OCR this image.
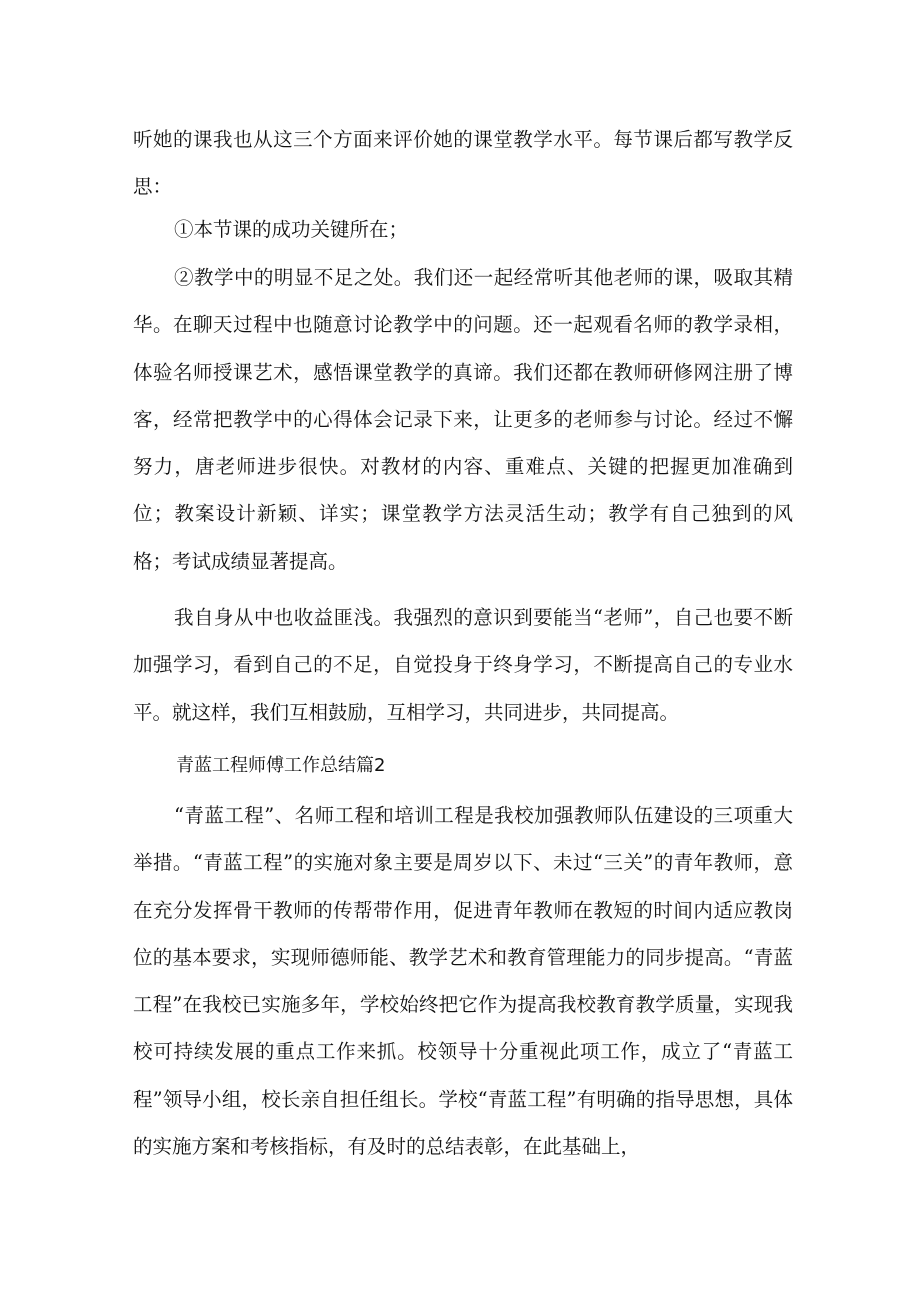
听她的课我也从这三个方面来评价她的课堂教学水平。每节课后都写教学反思：

①本节课的成功关键所在；

②教学中的明显不足之处。我们还一起经常听其他老师的课，吸取其精华。在聊天过程中也随意讨论教学中的问题。还一起观看名师的教学录相，体验名师授课艺术，感悟课堂教学的真谛。我们还都在教师研修网注册了博客，经常把教学中的心得体会记录下来，让更多的老师参与讨论。经过不懈努力，唐老师进步很快。对教材的内容、重难点、关键的把握更加准确到位；教案设计新颖、详实；课堂教学方法灵活生动；教学有自己独到的风格；考试成绩显著提高。

我自身从中也收益匪浅。我强烈的意识到要能当“老师”，自己也要不断加强学习，看到自己的不足，自觉投身于终身学习，不断提高自己的专业水平。就这样，我们互相鼓励，互相学习，共同进步，共同提高。

青蓝工程师傅工作总结篇2

“青蓝工程”、名师工程和培训工程是我校加强教师队伍建设的三项重大举措。“青蓝工程”的实施对象主要是周岁以下、未过“三关”的青年教师，意在充分发挥骨干教师的传帮带作用，促进青年教师在教短的时间内适应教岗位的基本要求，实现师德师能、教学艺术和教育管理能力的同步提高。“青蓝工程”在我校已实施多年，学校始终把它作为提高我校教育教学质量，实现我校可持续发展的重点工作来抓。校领导十分重视此项工作，成立了“青蓝工程”领导小组，校长亲自担任组长。学校“青蓝工程”有明确的指导思想，具体的实施方案和考核指标，有及时的总结表彰，在此基础上，
